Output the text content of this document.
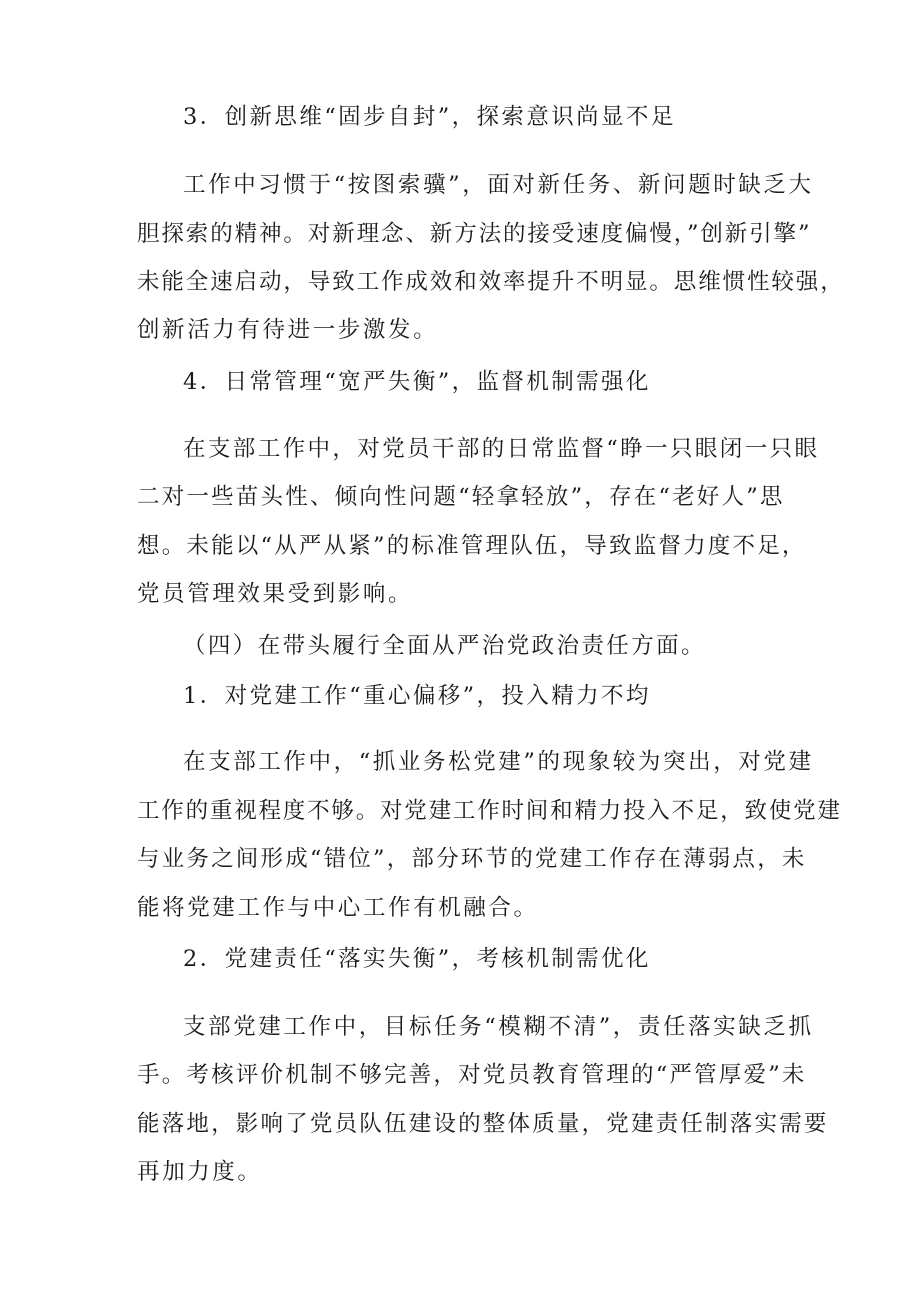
3．创新思维“固步自封”，探索意识尚显不足
工作中习惯于“按图索骥”，面对新任务、新问题时缺乏大
胆探索的精神。对新理念、新方法的接受速度偏慢，”创新引擎”
未能全速启动，导致工作成效和效率提升不明显。思维惯性较强，
创新活力有待进一步激发。
4．日常管理“宽严失衡”，监督机制需强化
在支部工作中，对党员干部的日常监督“睁一只眼闭一只眼
二对一些苗头性、倾向性问题“轻拿轻放”，存在“老好人”思
想。未能以“从严从紧”的标准管理队伍，导致监督力度不足，
党员管理效果受到影响。
（四）在带头履行全面从严治党政治责任方面。
1．对党建工作“重心偏移”，投入精力不均
在支部工作中，“抓业务松党建”的现象较为突出，对党建
工作的重视程度不够。对党建工作时间和精力投入不足，致使党建
与业务之间形成“错位”，部分环节的党建工作存在薄弱点，未
能将党建工作与中心工作有机融合。
2．党建责任“落实失衡”，考核机制需优化
支部党建工作中，目标任务“模糊不清”，责任落实缺乏抓
手。考核评价机制不够完善，对党员教育管理的“严管厚爱”未
能落地，影响了党员队伍建设的整体质量，党建责任制落实需要
再加力度。
